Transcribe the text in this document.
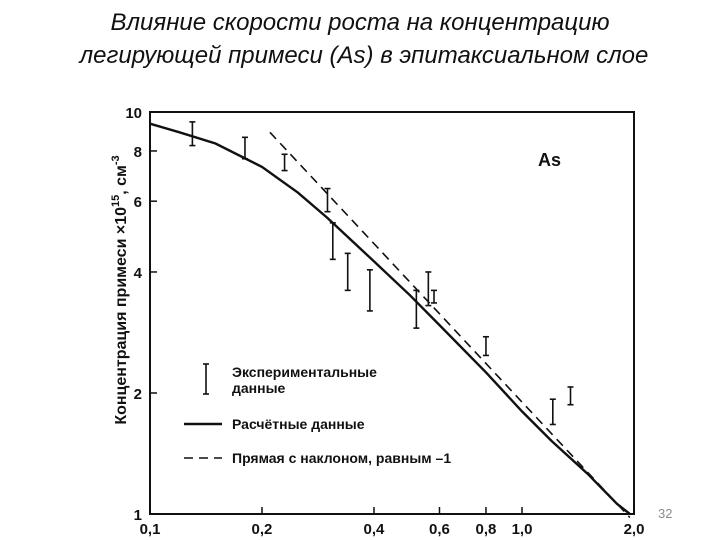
Влияние скорости роста на концентрацию
легирующей примеси (As) в эпитаксиальном слое
0,1	0,2	0,4	0,6 0,8 1,0	2,0
1
2
4
6
8
10
Экспериментальные данные
Расчётные данные
Прямая с наклоном, равным –1
Концентрация примеси $\times 10^{15}$, $см^{-3}$	As
32
